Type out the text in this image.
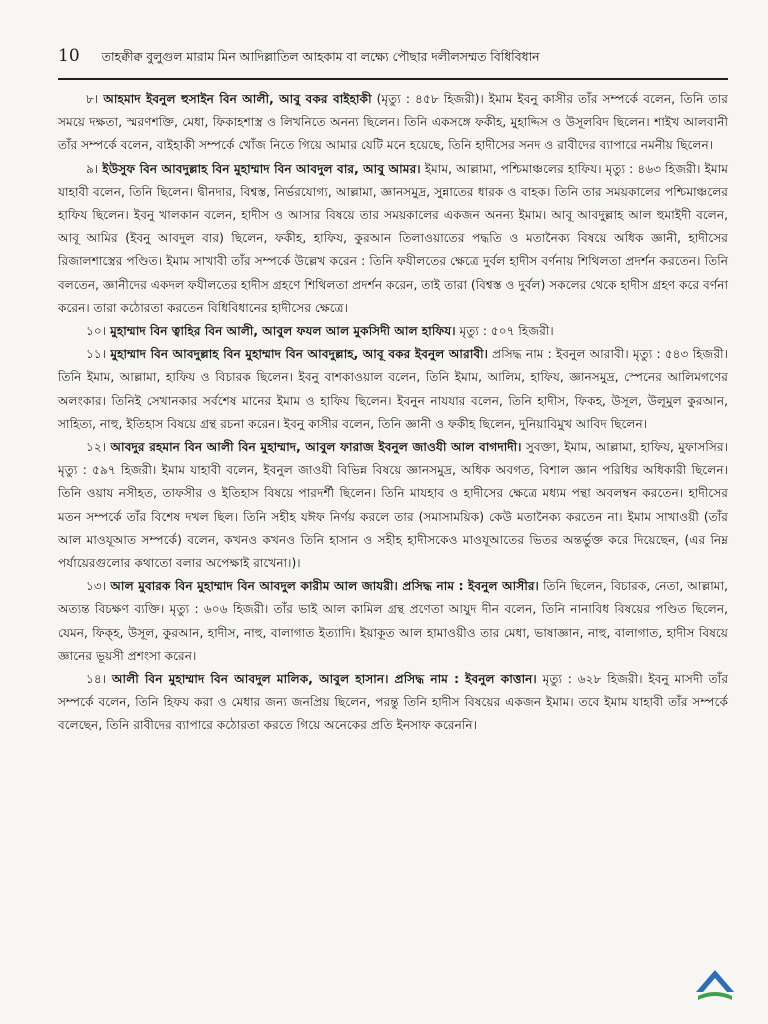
10 তাহক্বীক্ব বুলুগুল মারাম মিন আদিল্লাতিল আহকাম বা লক্ষ্যে পৌছার দলীলসম্মত বিধিবিধান

৮। আহমাদ ইবনুল হুসাইন বিন আলী, আবু বকর বাইহাকী (মৃত্যু : ৪৫৮ হিজরী)। ইমাম ইবনু কাসীর তাঁর সম্পর্কে বলেন, তিনি তার সময়ে দক্ষতা, স্মরণশক্তি, মেধা, ফিকাহশাস্ত্র ও লিখনিতে অনন্য ছিলেন। তিনি একসঙ্গে ফকীহ, মুহাদ্দিস ও উসূলবিদ ছিলেন। শাইখ আলবানী তাঁর সম্পর্কে বলেন, বাইহাকী সম্পর্কে খোঁজ নিতে গিয়ে আমার যেটি মনে হয়েছে, তিনি হাদীসের সনদ ও রাবীদের ব্যাপারে নমনীয় ছিলেন।

৯। ইউসুফ বিন আবদুল্লাহ বিন মুহাম্মাদ বিন আবদুল বার, আবু আমর। ইমাম, আল্লামা, পশ্চিমাঞ্চলের হাফিয। মৃত্যু : ৪৬৩ হিজরী। ইমাম যাহাবী বলেন, তিনি ছিলেন। দ্বীনদার, বিশ্বস্ত, নির্ভরযোগ্য, আল্লামা, জ্ঞানসমুদ্র, সুন্নাতের ধারক ও বাহক। তিনি তার সময়কালের পশ্চিমাঞ্চলের হাফিয ছিলেন। ইবনু খালকান বলেন, হাদীস ও আসার বিষয়ে তার সময়কালের একজন অনন্য ইমাম। আবূ আবদুল্লাহ আল হুমাইদী বলেন, আবূ আমির (ইবনু আবদুল বার) ছিলেন, ফকীহ, হাফিয, কুরআন তিলাওয়াতের পদ্ধতি ও মতানৈক্য বিষয়ে অধিক জ্ঞানী, হাদীসের রিজালশাস্ত্রের পণ্ডিত। ইমাম সাখাবী তাঁর সম্পর্কে উল্লেখ করেন : তিনি ফযীলতের ক্ষেত্রে দুর্বল হাদীস বর্ণনায় শিথিলতা প্রদর্শন করতেন। তিনি বলতেন, জ্ঞানীদের একদল ফযীলতের হাদীস গ্রহণে শিথিলতা প্রদর্শন করেন, তাই তারা (বিশ্বস্ত ও দুর্বল) সকলের থেকে হাদীস গ্রহণ করে বর্ণনা করেন। তারা কঠোরতা করতেন বিধিবিধানের হাদীসের ক্ষেত্রে।

১০। মুহাম্মাদ বিন ত্বাহির বিন আলী, আবুল ফযল আল মুকসিদী আল হাফিয। মৃত্যু : ৫০৭ হিজরী।

১১। মুহাম্মাদ বিন আবদুল্লাহ বিন মুহাম্মাদ বিন আবদুল্লাহ, আবূ বকর ইবনুল আরাবী। প্রসিদ্ধ নাম : ইবনুল আরাবী। মৃত্যু : ৫৪৩ হিজরী। তিনি ইমাম, আল্লামা, হাফিয ও বিচারক ছিলেন। ইবনু বাশকাওয়াল বলেন, তিনি ইমাম, আলিম, হাফিয, জ্ঞানসমুদ্র, স্পেনের আলিমগণের অলংকার। তিনিই সেখানকার সর্বশেষ মানের ইমাম ও হাফিয ছিলেন। ইবনুন নাযযার বলেন, তিনি হাদীস, ফিকহ, উসূল, উলূমুল কুরআন, সাহিত্য, নাহু, ইতিহাস বিষয়ে গ্রন্থ রচনা করেন। ইবনু কাসীর বলেন, তিনি জ্ঞানী ও ফকীহ ছিলেন, দুনিয়াবিমুখ আবিদ ছিলেন।

১২। আবদুর রহমান বিন আলী বিন মুহাম্মাদ, আবুল ফারাজ ইবনুল জাওযী আল বাগদাদী। সুবক্তা, ইমাম, আল্লামা, হাফিয, মুফাসসির। মৃত্যু : ৫৯৭ হিজরী। ইমাম যাহাবী বলেন, ইবনুল জাওযী বিভিন্ন বিষয়ে জ্ঞানসমুদ্র, অধিক অবগত, বিশাল জ্ঞান পরিধির অধিকারী ছিলেন। তিনি ওয়ায নসীহত, তাফসীর ও ইতিহাস বিষয়ে পারদর্শী ছিলেন। তিনি মাযহাব ও হাদীসের ক্ষেত্রে মধ্যম পন্থা অবলম্বন করতেন। হাদীসের মতন সম্পর্কে তাঁর বিশেষ দখল ছিল। তিনি সহীহ যঈফ নির্ণয় করলে তার (সমাসাময়িক) কেউ মতানৈক্য করতেন না। ইমাম সাখাওয়ী (তাঁর আল মাওযূআত সম্পর্কে) বলেন, কখনও কখনও তিনি হাসান ও সহীহ হাদীসকেও মাওযূআতের ভিতর অন্তর্ভুক্ত করে দিয়েছেন, (এর নিম্ন পর্যায়েরগুলোর কথাতো বলার অপেক্ষাই রাখেনা।)।

১৩। আল মুবারক বিন মুহাম্মাদ বিন আবদুল কারীম আল জাযরী। প্রসিদ্ধ নাম : ইবনুল আসীর। তিনি ছিলেন, বিচারক, নেতা, আল্লামা, অত্যন্ত বিচক্ষণ ব্যক্তি। মৃত্যু : ৬০৬ হিজরী। তাঁর ভাই আল কামিল গ্রন্থ প্রণেতা আযুদ দীন বলেন, তিনি নানাবিধ বিষয়ের পণ্ডিত ছিলেন, যেমন, ফিক্হ, উসূল, কুরআন, হাদীস, নাহু, বালাগাত ইত্যাদি। ইয়াকূত আল হামাওয়ীও তার মেধা, ভাষাজ্ঞান, নাহু, বালাগাত, হাদীস বিষয়ে জ্ঞানের ভূয়সী প্রশংসা করেন।

১৪। আলী বিন মুহাম্মাদ বিন আবদুল মালিক, আবুল হাসান। প্রসিদ্ধ নাম : ইবনুল কাত্তান। মৃত্যু : ৬২৮ হিজরী। ইবনু মাসদী তাঁর সম্পর্কে বলেন, তিনি হিফয করা ও মেধার জন্য জনপ্রিয় ছিলেন, পরন্তু তিনি হাদীস বিষয়ের একজন ইমাম। তবে ইমাম যাহাবী তাঁর সম্পর্কে বলেছেন, তিনি রাবীদের ব্যাপারে কঠোরতা করতে গিয়ে অনেকের প্রতি ইনসাফ করেননি।
